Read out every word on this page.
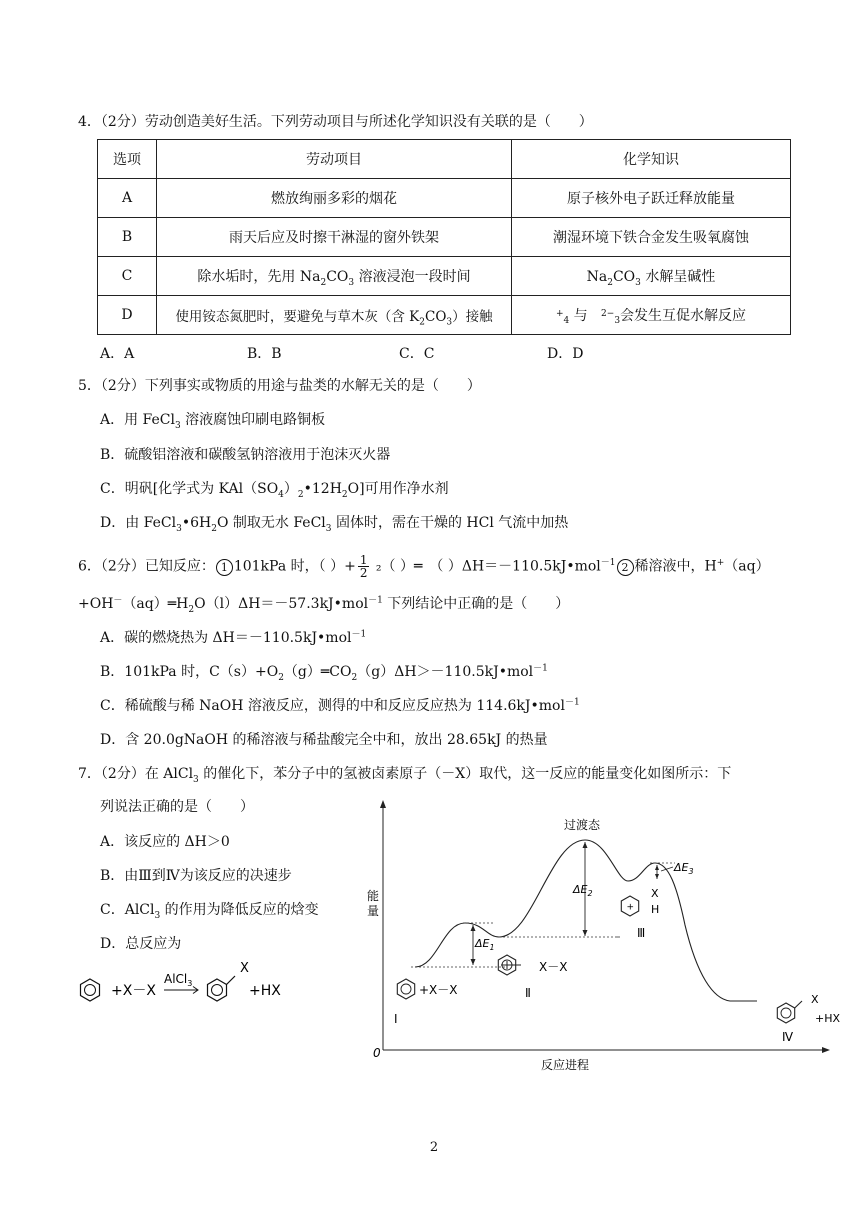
4．（2分）劳动创造美好生活。下列劳动项目与所述化学知识没有关联的是（　　）
选项	劳动项目	化学知识
A	燃放绚丽多彩的烟花	原子核外电子跃迁释放能量
B	雨天后应及时擦干淋湿的窗外铁架	潮湿环境下铁合金发生吸氧腐蚀
C	除水垢时，先用 $Na_2CO_3$ 溶液浸泡一段时间	$Na_2CO_3$ 水解呈碱性
D	使用铵态氮肥时，要避免与草木灰（含 $K_2CO_3$）接触	+$_4$ 与 $^{2-}_3$会发生互促水解反应
A．A	B．B	C．C	D．D
5．（2分）下列事实或物质的用途与盐类的水解无关的是（　　）
A．用 FeCl$_3$ 溶液腐蚀印刷电路铜板
B．硫酸铝溶液和碳酸氢钠溶液用于泡沫灭火器
C．明矾[化学式为 $KAl(SO_4)_2•12H_2O$]可用作净水剂
D．由 $FeCl_3•6H_2O$ 制取无水 FeCl$_3$ 固体时，需在干燥的 HCl 气流中加热
6．（2分）已知反应： 1 101kPa 时，（ ）+ $\frac{1}{2} _2$（ ）═　（ ）ΔH＝－110.5kJ•mol$^{-1}$ 2 稀溶液中，H+（aq）
$+OH^-(aq)═H_2O(l)\Delta H=-57.3kJ•mol^{-1}$ 下列结论中正确的是（　　）
A．碳的燃烧热为 ΔH＝－110.5kJ•mol$^{-1}$
B．101kPa 时，$C(s)+O_2(g)═CO_2(g)\Delta H>-110.5kJ•mol^{-1}$
C．稀硫酸与稀 NaOH 溶液反应，测得的中和反应反应热为 114.6kJ•mol$^{-1}$
D．含 20.0gNaOH 的稀溶液与稀盐酸完全中和，放出 28.65kJ 的热量
7．（2分）在 AlCl$_3$ 的催化下，苯分子中的氢被卤素原子（－X）取代，这一反应的能量变化如图所示：下
列说法正确的是（　　）
A．该反应的 ΔH＞0
B．由Ⅲ到Ⅳ为该反应的决速步
C．AlCl$_3$ 的作用为降低反应的焓变
D．总反应为
+X－X
AlCl$_3$
X
+HX
能
量
反应进程
0
$\Delta E_1$
$\Delta E_2$
$\Delta E_3$
过渡态
+X－X
Ⅰ
X－X
Ⅱ
+
X
H
Ⅲ
X
+HX
Ⅳ
2
